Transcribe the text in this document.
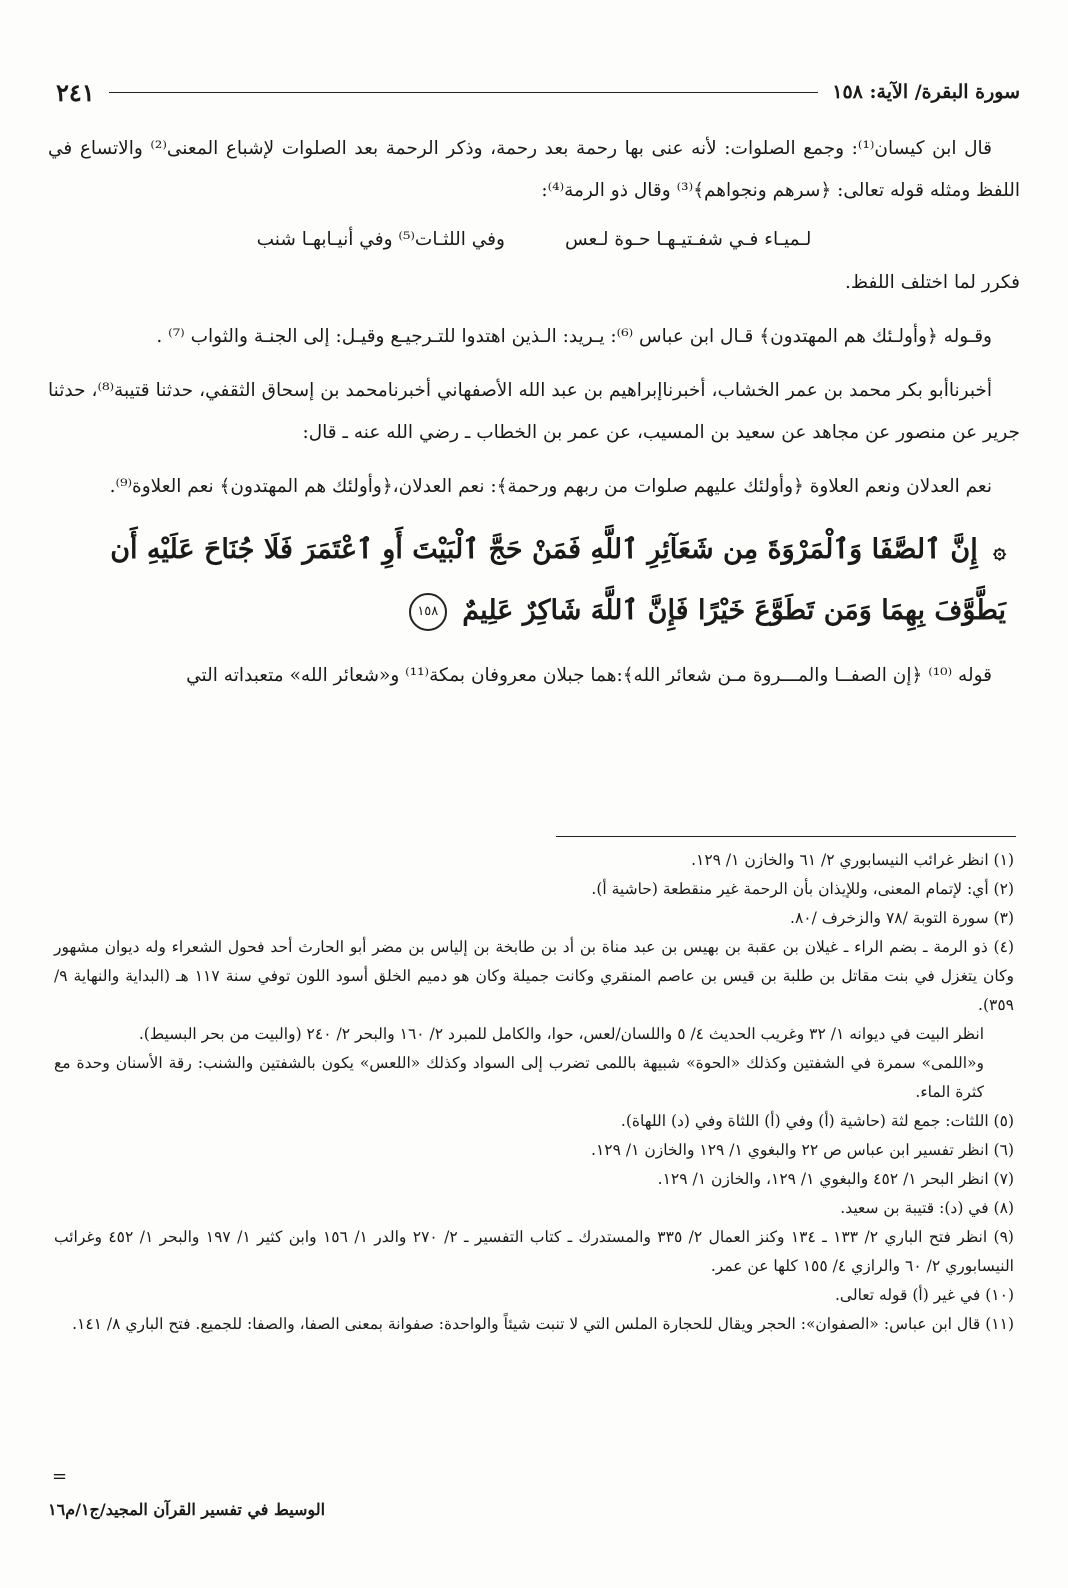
سورة البقرة/ الآية: ١٥٨
٢٤١

قال ابن كيسان⁽¹⁾: وجمع الصلوات: لأنه عنى بها رحمة بعد رحمة، وذكر الرحمة بعد الصلوات لإشباع المعنى⁽²⁾ والاتساع في اللفظ ومثله قوله تعالى: ﴿سرهم ونجواهم﴾⁽³⁾ وقال ذو الرمة⁽⁴⁾:

لـميـاء فـي شفـتيـهـا حـوة لـعس
وفي اللثـات⁽⁵⁾ وفي أنيـابهـا شنب

فكرر لما اختلف اللفظ.

وقـوله ﴿وأولـئك هم المهتدون﴾ قـال ابن عباس ⁽⁶⁾: يـريد: الـذين اهتدوا للتـرجيـع وقيـل: إلى الجنـة والثواب ⁽⁷⁾ .

أخبرناأبو بكر محمد بن عمر الخشاب، أخبرناإبراهيم بن عبد الله الأصفهاني أخبرنامحمد بن إسحاق الثقفي، حدثنا قتيبة⁽⁸⁾، حدثنا جرير عن منصور عن مجاهد عن سعيد بن المسيب، عن عمر بن الخطاب ـ رضي الله عنه ـ قال:

نعم العدلان ونعم العلاوة ﴿وأولئك عليهم صلوات من ربهم ورحمة﴾: نعم العدلان،﴿وأولئك هم المهتدون﴾ نعم العلاوة⁽⁹⁾.

۞ إِنَّ ٱلصَّفَا وَٱلْمَرْوَةَ مِن شَعَآئِرِ ٱللَّهِ فَمَنْ حَجَّ ٱلْبَيْتَ أَوِ ٱعْتَمَرَ فَلَا جُنَاحَ عَلَيْهِ أَن يَطَّوَّفَ بِهِمَا وَمَن تَطَوَّعَ خَيْرًا فَإِنَّ ٱللَّهَ شَاكِرٌ عَلِيمٌ ١٥٨

قوله ⁽¹⁰⁾ ﴿إن الصفــا والمـــروة مـن شعائر الله﴾:هما جبلان معروفان بمكة⁽¹¹⁾ و«شعائر الله» متعبداته التي

(١) انظر غرائب النيسابوري ٢/ ٦١ والخازن ١/ ١٢٩.

(٢) أي: لإتمام المعنى، وللإيذان بأن الرحمة غير منقطعة (حاشية أ).

(٣) سورة التوبة /٧٨ والزخرف /٨٠.

(٤) ذو الرمة ـ بضم الراء ـ غيلان بن عقبة بن بهيس بن عبد مناة بن أد بن طابخة بن إلياس بن مضر أبو الحارث أحد فحول الشعراء وله ديوان مشهور وكان يتغزل في بنت مقاتل بن طلبة بن قيس بن عاصم المنقري وكانت جميلة وكان هو دميم الخلق أسود اللون توفي سنة ١١٧ هـ (البداية والنهاية ٩/ ٣٥٩).

انظر البيت في ديوانه ١/ ٣٢ وغريب الحديث ٤/ ٥ واللسان/لعس، حوا، والكامل للمبرد ٢/ ١٦٠ والبحر ٢/ ٢٤٠ (والبيت من بحر البسيط).

و«اللمى» سمرة في الشفتين وكذلك «الحوة» شبيهة باللمى تضرب إلى السواد وكذلك «اللعس» يكون بالشفتين والشنب: رقة الأسنان وحدة مع كثرة الماء.

(٥) اللثات: جمع لثة (حاشية (أ) وفي (أ) اللثاة وفي (د) اللهاة).

(٦) انظر تفسير ابن عباس ص ٢٢ والبغوي ١/ ١٢٩ والخازن ١/ ١٢٩.

(٧) انظر البحر ١/ ٤٥٢ والبغوي ١/ ١٢٩، والخازن ١/ ١٢٩.

(٨) في (د): قتيبة بن سعيد.

(٩) انظر فتح الباري ٢/ ١٣٣ ـ ١٣٤ وكنز العمال ٢/ ٣٣٥ والمستدرك ـ كتاب التفسير ـ ٢/ ٢٧٠ والدر ١/ ١٥٦ وابن كثير ١/ ١٩٧ والبحر ١/ ٤٥٢ وغرائب النيسابوري ٢/ ٦٠ والرازي ٤/ ١٥٥ كلها عن عمر.

(١٠) في غير (أ) قوله تعالى.

(١١) قال ابن عباس: «الصفوان»: الحجر ويقال للحجارة الملس التي لا تنبت شيئاً والواحدة: صفوانة بمعنى الصفا، والصفا: للجميع. فتح الباري ٨/ ١٤١.

=
الوسيط في تفسير القرآن المجيد/ج١/م١٦
